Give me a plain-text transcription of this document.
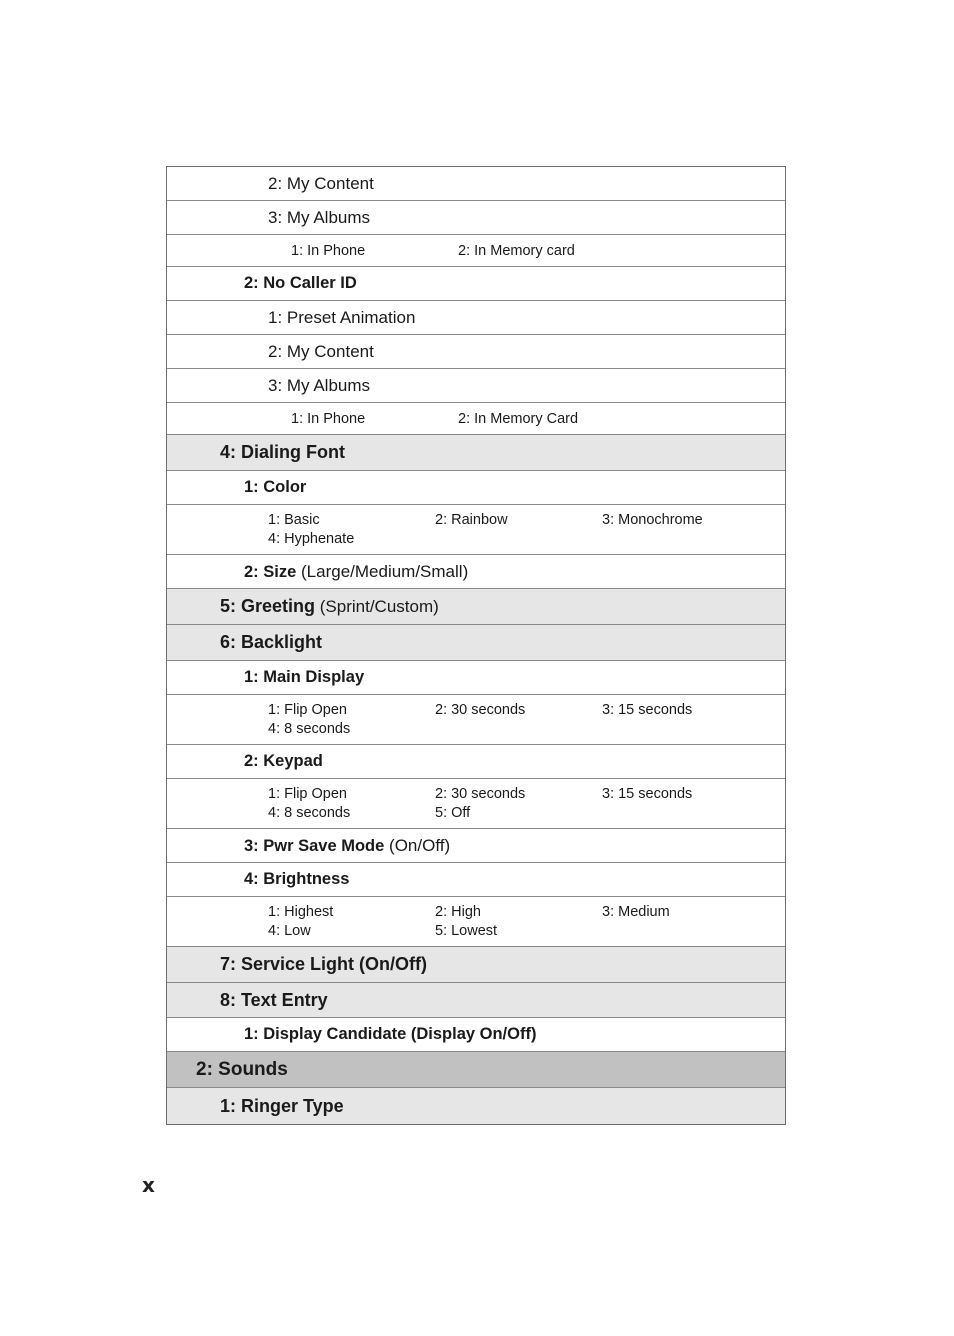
2: My Content
3: My Albums
1: In Phone	2: In Memory card
2: No Caller ID
1: Preset Animation
2: My Content
3: My Albums
1: In Phone	2: In Memory Card
4: Dialing Font
1: Color
1: Basic	2: Rainbow	3: Monochrome
4: Hyphenate
2: Size (Large/Medium/Small)
5: Greeting (Sprint/Custom)
6: Backlight
1: Main Display
1: Flip Open	2: 30 seconds	3: 15 seconds
4: 8 seconds
2: Keypad
1: Flip Open	2: 30 seconds	3: 15 seconds
4: 8 seconds	5: Off
3: Pwr Save Mode (On/Off)
4: Brightness
1: Highest	2: High	3: Medium
4: Low	5: Lowest
7: Service Light (On/Off)
8: Text Entry
1: Display Candidate (Display On/Off)
2: Sounds
1: Ringer Type
x
